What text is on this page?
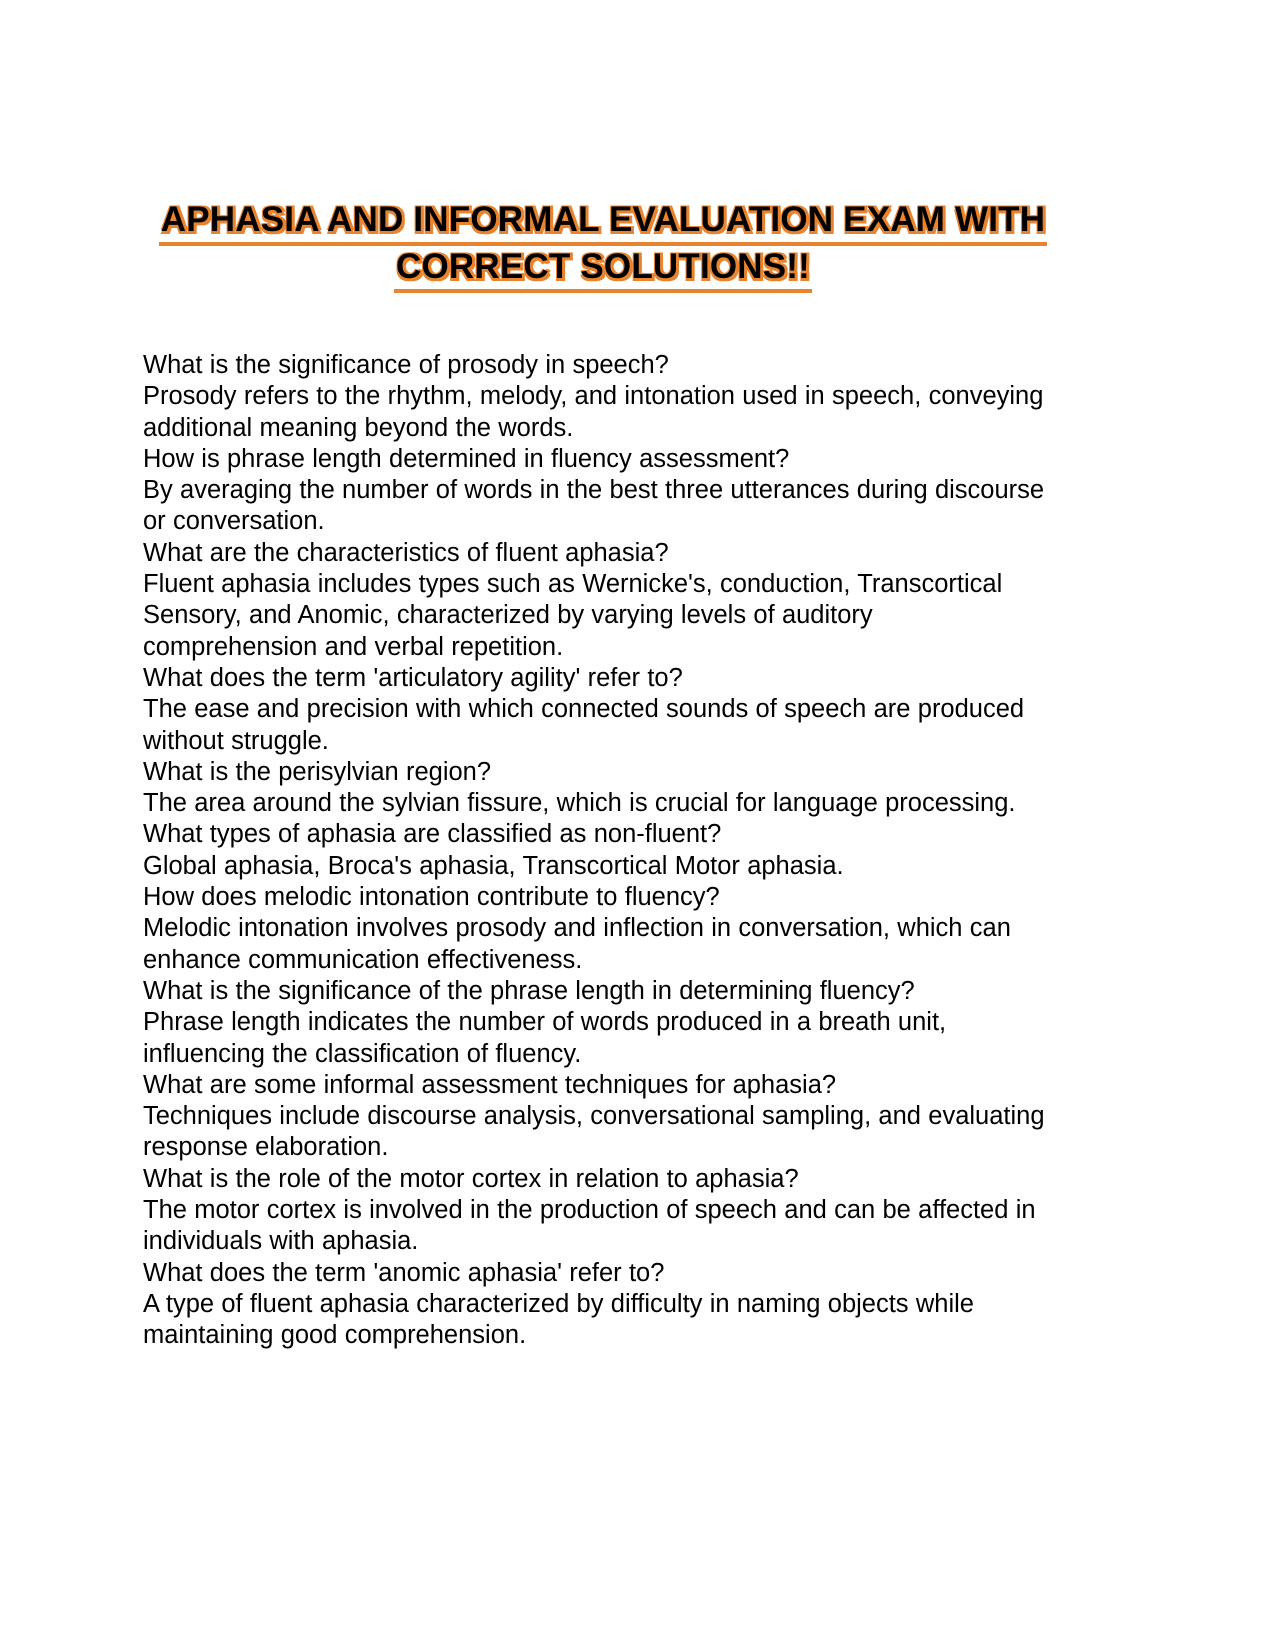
APHASIA AND INFORMAL EVALUATION EXAM WITH
CORRECT SOLUTIONS!!

What is the significance of prosody in speech?

Prosody refers to the rhythm, melody, and intonation used in speech, conveying additional meaning beyond the words.

How is phrase length determined in fluency assessment?

By averaging the number of words in the best three utterances during discourse or conversation.

What are the characteristics of fluent aphasia?

Fluent aphasia includes types such as Wernicke's, conduction, Transcortical Sensory, and Anomic, characterized by varying levels of auditory comprehension and verbal repetition.

What does the term 'articulatory agility' refer to?

The ease and precision with which connected sounds of speech are produced without struggle.

What is the perisylvian region?

The area around the sylvian fissure, which is crucial for language processing.

What types of aphasia are classified as non-fluent?

Global aphasia, Broca's aphasia, Transcortical Motor aphasia.

How does melodic intonation contribute to fluency?

Melodic intonation involves prosody and inflection in conversation, which can enhance communication effectiveness.

What is the significance of the phrase length in determining fluency?

Phrase length indicates the number of words produced in a breath unit, influencing the classification of fluency.

What are some informal assessment techniques for aphasia?

Techniques include discourse analysis, conversational sampling, and evaluating response elaboration.

What is the role of the motor cortex in relation to aphasia?

The motor cortex is involved in the production of speech and can be affected in individuals with aphasia.

What does the term 'anomic aphasia' refer to?

A type of fluent aphasia characterized by difficulty in naming objects while maintaining good comprehension.
